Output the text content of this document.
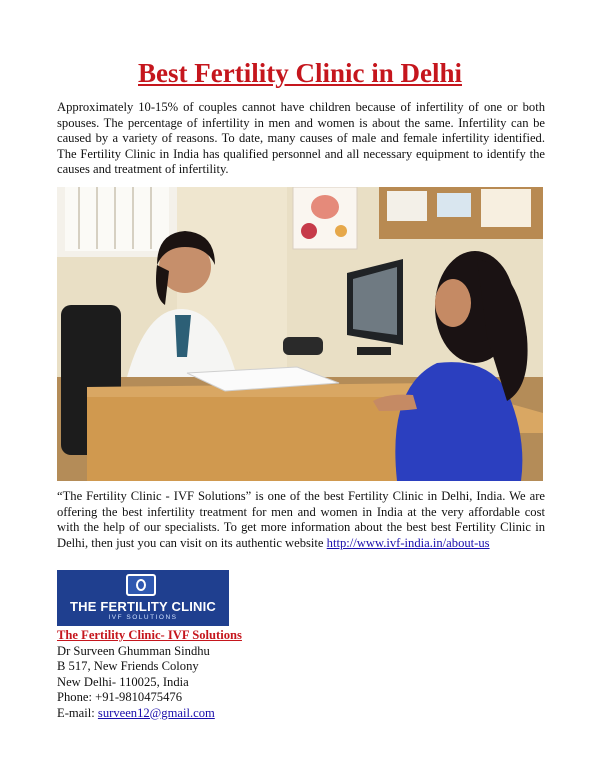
Best Fertility Clinic in Delhi

Approximately 10-15% of couples cannot have children because of infertility of one or both spouses. The percentage of infertility in men and women is about the same. Infertility can be caused by a variety of reasons. To date, many causes of male and female infertility identified. The Fertility Clinic in India has qualified personnel and all necessary equipment to identify the causes and treatment of infertility.

“The Fertility Clinic - IVF Solutions” is one of the best Fertility Clinic in Delhi, India. We are offering the best infertility treatment for men and women in India at the very affordable cost with the help of our specialists. To get more information about the best best Fertility Clinic in Delhi, then just you can visit on its authentic website http://www.ivf-india.in/about-us

THE FERTILITY CLINIC
IVF SOLUTIONS
The Fertility Clinic- IVF Solutions
Dr Surveen Ghumman Sindhu
B 517, New Friends Colony
New Delhi- 110025, India
Phone: +91-9810475476
E-mail: surveen12@gmail.com
